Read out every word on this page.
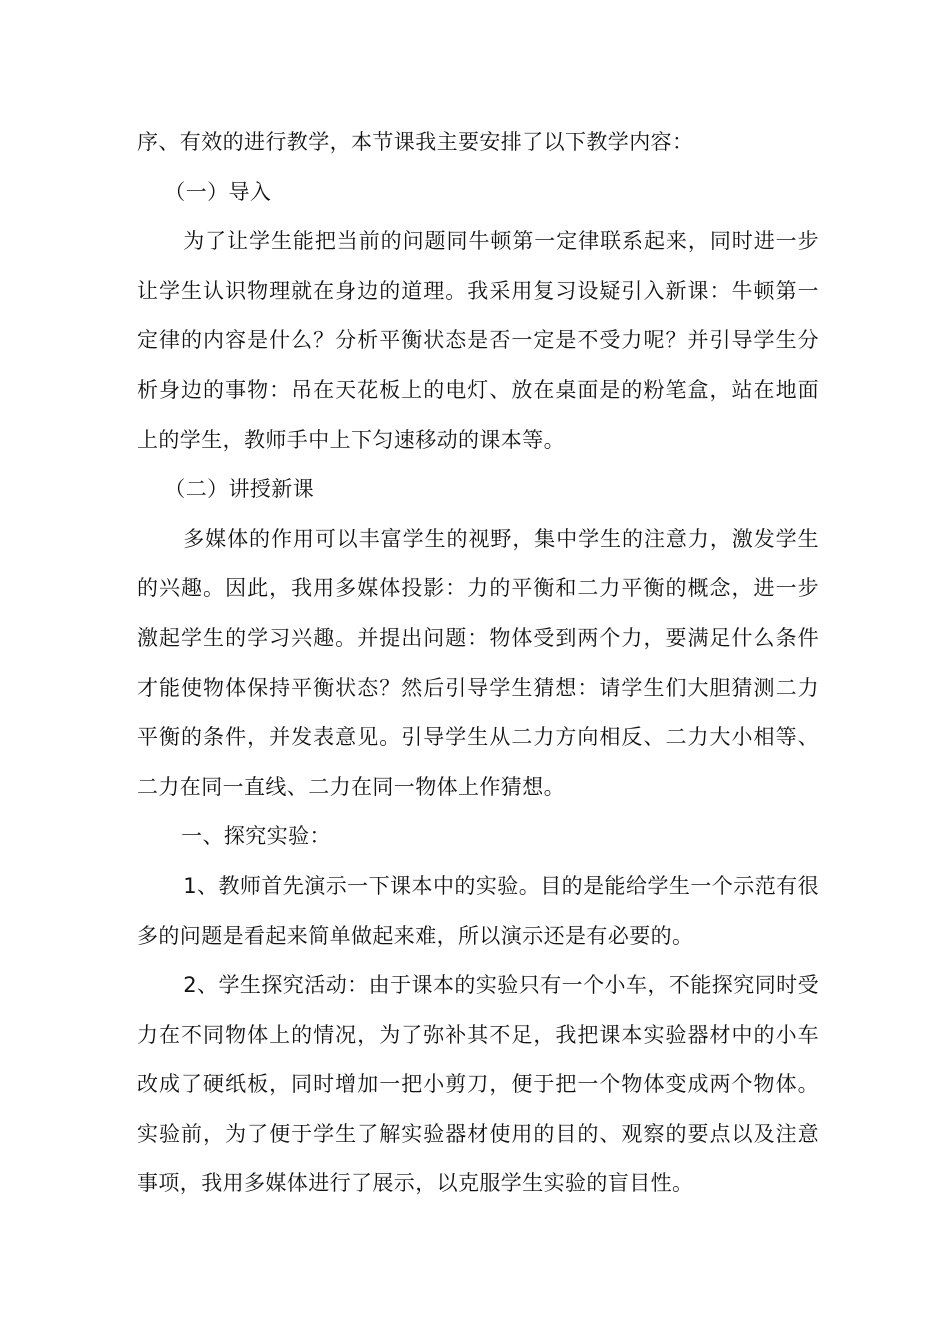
序、有效的进行教学，本节课我主要安排了以下教学内容：

（一）导入

为了让学生能把当前的问题同牛顿第一定律联系起来，同时进一步让学生认识物理就在身边的道理。我采用复习设疑引入新课：牛顿第一定律的内容是什么？分析平衡状态是否一定是不受力呢？并引导学生分析身边的事物：吊在天花板上的电灯、放在桌面是的粉笔盒，站在地面上的学生，教师手中上下匀速移动的课本等。

（二）讲授新课

多媒体的作用可以丰富学生的视野，集中学生的注意力，激发学生的兴趣。因此，我用多媒体投影：力的平衡和二力平衡的概念，进一步激起学生的学习兴趣。并提出问题：物体受到两个力，要满足什么条件才能使物体保持平衡状态？然后引导学生猜想：请学生们大胆猜测二力平衡的条件，并发表意见。引导学生从二力方向相反、二力大小相等、二力在同一直线、二力在同一物体上作猜想。

一、探究实验：

1、教师首先演示一下课本中的实验。目的是能给学生一个示范有很多的问题是看起来简单做起来难，所以演示还是有必要的。

2、学生探究活动：由于课本的实验只有一个小车，不能探究同时受力在不同物体上的情况，为了弥补其不足，我把课本实验器材中的小车改成了硬纸板，同时增加一把小剪刀，便于把一个物体变成两个物体。实验前，为了便于学生了解实验器材使用的目的、观察的要点以及注意事项，我用多媒体进行了展示，以克服学生实验的盲目性。
